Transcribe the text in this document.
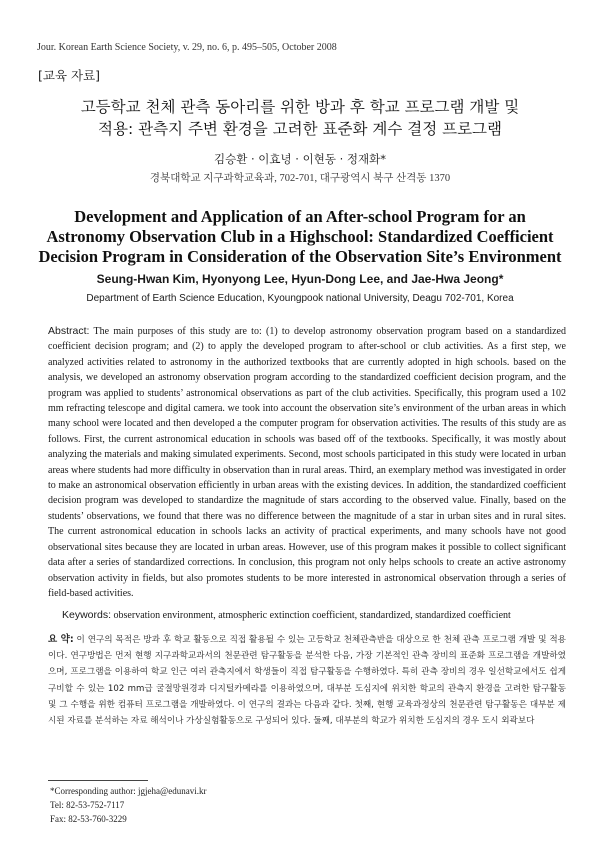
Jour. Korean Earth Science Society, v. 29, no. 6, p. 495–505, October 2008
[교육 자료]
고등학교 천체 관측 동아리를 위한 방과 후 학교 프로그램 개발 및
적용: 관측지 주변 환경을 고려한 표준화 계수 결정 프로그램
김승환 · 이효녕 · 이현동 · 정재화*
경북대학교 지구과학교육과, 702-701, 대구광역시 북구 산격동 1370
Development and Application of an After-school Program for an
Astronomy Observation Club in a Highschool: Standardized Coefficient
Decision Program in Consideration of the Observation Site’s Environment
Seung-Hwan Kim, Hyonyong Lee, Hyun-Dong Lee, and Jae-Hwa Jeong*
Department of Earth Science Education, Kyoungpook national University, Deagu 702-701, Korea

Abstract: The main purposes of this study are to: (1) to develop astronomy observation program based on a standardized coefficient decision program; and (2) to apply the developed program to after-school or club activities. As a first step, we analyzed activities related to astronomy in the authorized textbooks that are currently adopted in high schools. based on the analysis, we developed an astronomy observation program according to the standardized coefficient decision program, and the program was applied to students’ astronomical observations as part of the club activities. Specifically, this program used a 102 mm refracting telescope and digital camera. we took into account the observation site’s environment of the urban areas in which many school were located and then developed a the computer program for observation activities. The results of this study are as follows. First, the current astronomical education in schools was based off of the textbooks. Specifically, it was mostly about analyzing the materials and making simulated experiments. Second, most schools participated in this study were located in urban areas where students had more difficulty in observation than in rural areas. Third, an exemplary method was investigated in order to make an astronomical observation efficiently in urban areas with the existing devices. In addition, the standardized coefficient decision program was developed to standardize the magnitude of stars according to the observed value. Finally, based on the students’ observations, we found that there was no difference between the magnitude of a star in urban sites and in rural sites. The current astronomical education in schools lacks an activity of practical experiments, and many schools have not good observational sites because they are located in urban areas. However, use of this program makes it possible to collect significant data after a series of standardized corrections. In conclusion, this program not only helps schools to create an active astronomy observation activity in fields, but also promotes students to be more interested in astronomical observation through a series of field-based activities.

Keywords: observation environment, atmospheric extinction coefficient, standardized, standardized coefficient

요 약: 이 연구의 목적은 방과 후 학교 활동으로 직접 활용될 수 있는 고등학교 천체관측반을 대상으로 한 천체 관측 프로그램 개발 및 적용이다. 연구방법은 먼저 현행 지구과학교과서의 천문관련 탐구활동을 분석한 다음, 가장 기본적인 관측 장비의 표준화 프로그램을 개발하였으며, 프로그램을 이용하여 학교 인근 여러 관측지에서 학생들이 직접 탐구활동을 수행하였다. 특히 관측 장비의 경우 일선학교에서도 쉽게 구비할 수 있는 102 mm급 굴절망원경과 디지털카메라를 이용하였으며, 대부분 도심지에 위치한 학교의 관측지 환경을 고려한 탐구활동 및 그 수행을 위한 컴퓨터 프로그램을 개발하였다. 이 연구의 결과는 다음과 같다. 첫째, 현행 교육과정상의 천문관련 탐구활동은 대부분 제시된 자료를 분석하는 자료 해석이나 가상실험활동으로 구성되어 있다. 둘째, 대부분의 학교가 위치한 도심지의 경우 도시 외곽보다

*Corresponding author: jgjeha@edunavi.kr
Tel: 82-53-752-7117
Fax: 82-53-760-3229
